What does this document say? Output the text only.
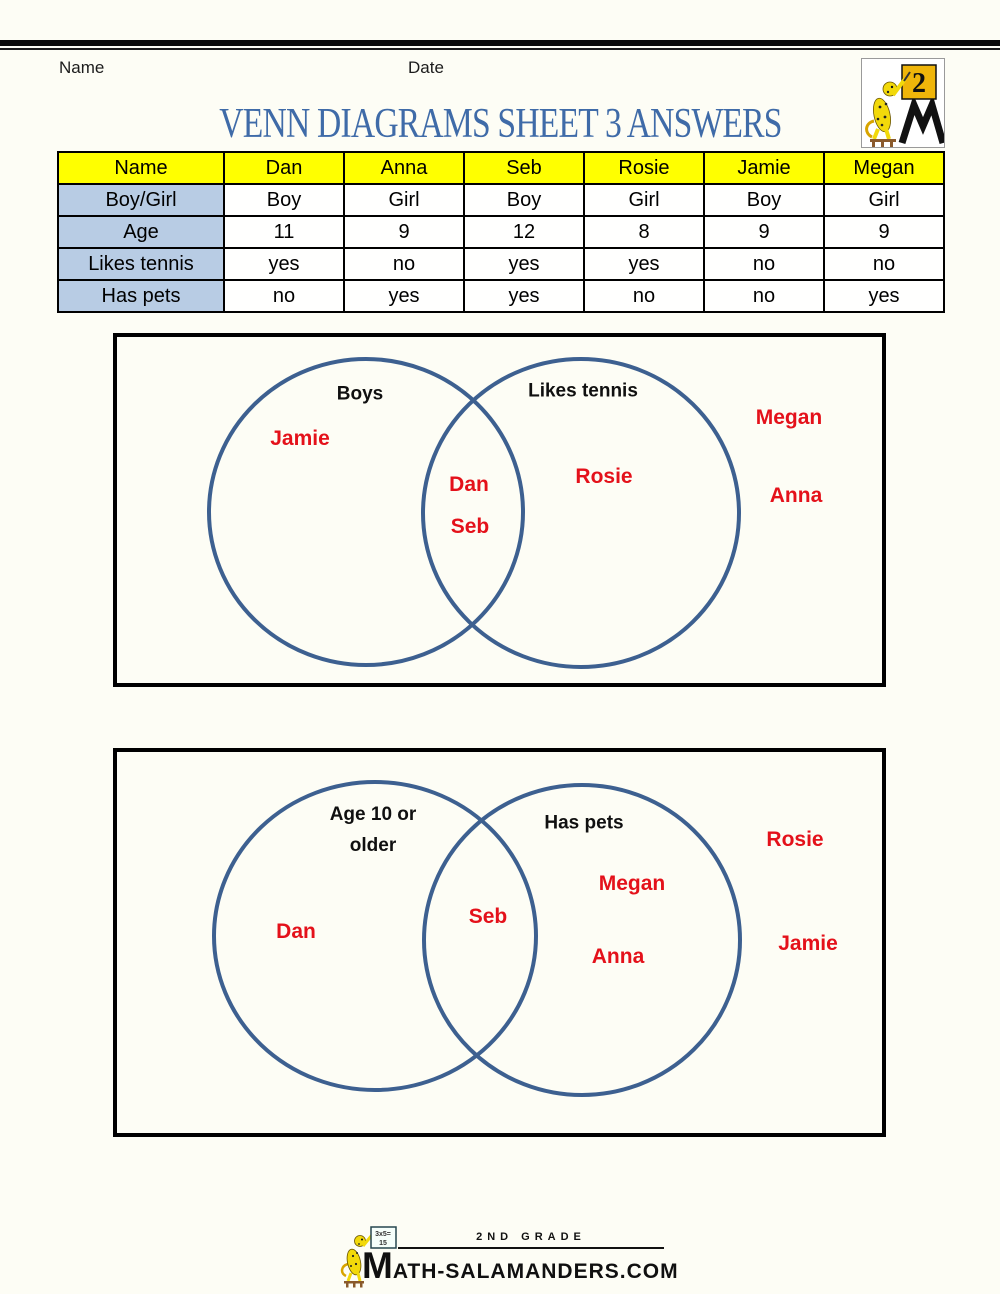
Name	Date
2
VENN DIAGRAMS SHEET 3 ANSWERS
Name	Dan	Anna	Seb	Rosie	Jamie	Megan
Boy/Girl	Boy	Girl	Boy	Girl	Boy	Girl
Age	11	9	12	8	9	9
Likes tennis	yes	no	yes	yes	no	no
Has pets	no	yes	yes	no	no	yes
Boys	Likes tennis
Jamie
Dan
Seb
Rosie
Megan
Anna
Age 10 or
older
Has pets
Dan
Seb
Megan
Anna
Rosie
Jamie
3x5=
15
2ND GRADE
MATH-SALAMANDERS.COM
